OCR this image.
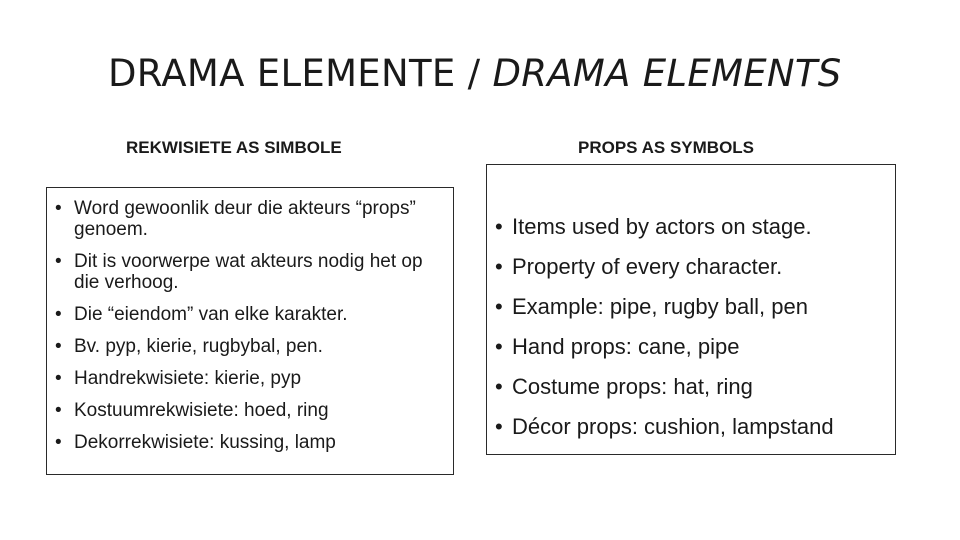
DRAMA ELEMENTE / DRAMA ELEMENTS
REKWISIETE AS SIMBOLE	PROPS AS SYMBOLS
• Word gewoonlik deur die akteurs “props” genoem.
• Dit is voorwerpe wat akteurs nodig het op die verhoog.
• Die “eiendom” van elke karakter.
• Bv. pyp, kierie, rugbybal, pen.
• Handrekwisiete: kierie, pyp
• Kostuumrekwisiete: hoed, ring
• Dekorrekwisiete: kussing, lamp
• Items used by actors on stage.
• Property of every character.
• Example: pipe, rugby ball, pen
• Hand props: cane, pipe
• Costume props: hat, ring
• Décor props: cushion, lampstand
